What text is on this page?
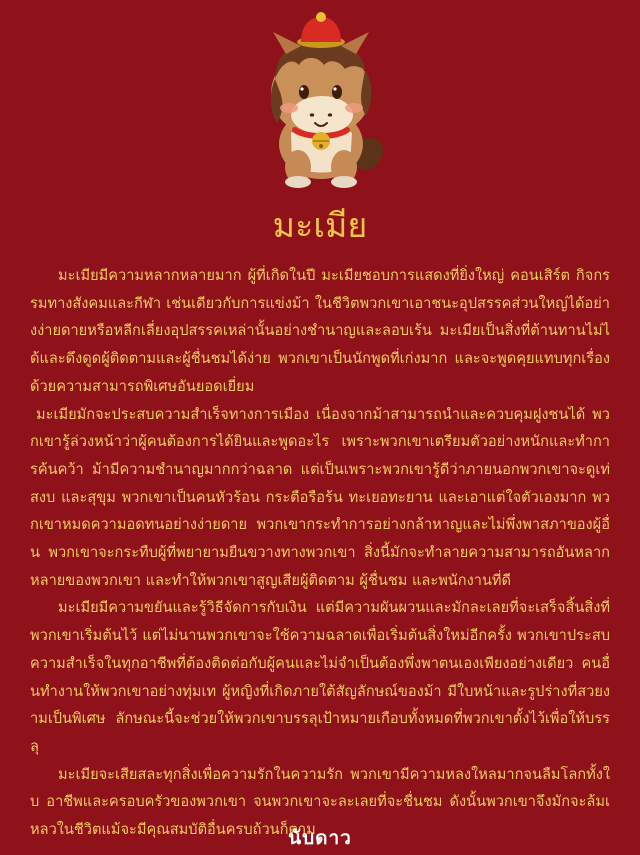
มะเมีย

มะเมียมีความหลากหลายมาก ผู้ที่เกิดในปี มะเมียชอบการแสดงที่ยิ่งใหญ่ คอนเสิร์ต กิจกรรมทางสังคมและกีฬา เช่นเดียวกับการแข่งม้า ในชีวิตพวกเขาเอาชนะอุปสรรคส่วนใหญ่ได้อย่างง่ายดายหรือหลีกเลี่ยงอุปสรรคเหล่านั้นอย่างชำนาญและลอบเร้น มะเมียเป็นสิ่งที่ต้านทานไม่ได้และดึงดูดผู้ติดตามและผู้ชื่นชมได้ง่าย พวกเขาเป็นนักพูดที่เก่งมาก และจะพูดคุยแทบทุกเรื่องด้วยความสามารถพิเศษอันยอดเยี่ยม

มะเมียมักจะประสบความสำเร็จทางการเมือง เนื่องจากม้าสามารถนำและควบคุมฝูงชนได้ พวกเขารู้ล่วงหน้าว่าผู้คนต้องการได้ยินและพูดอะไร เพราะพวกเขาเตรียมตัวอย่างหนักและทำการค้นคว้า ม้ามีความชำนาญมากกว่าฉลาด แต่เป็นเพราะพวกเขารู้ดีว่าภายนอกพวกเขาจะดูเท่ สงบ และสุขุม พวกเขาเป็นคนหัวร้อน กระตือรือร้น ทะเยอทะยาน และเอาแต่ใจตัวเองมาก พวกเขาหมดความอดทนอย่างง่ายดาย พวกเขากระทำการอย่างกล้าหาญและไม่พึ่งพาสภาของผู้อื่น พวกเขาจะกระทืบผู้ที่พยายามยืนขวางทางพวกเขา สิ่งนี้มักจะทำลายความสามารถอันหลากหลายของพวกเขา และทำให้พวกเขาสูญเสียผู้ติดตาม ผู้ชื่นชม และพนักงานที่ดี

มะเมียมีความขยันและรู้วิธีจัดการกับเงิน แต่มีความผันผวนและมักละเลยที่จะเสร็จสิ้นสิ่งที่พวกเขาเริ่มต้นไว้ แต่ไม่นานพวกเขาจะใช้ความฉลาดเพื่อเริ่มต้นสิ่งใหม่อีกครั้ง พวกเขาประสบความสำเร็จในทุกอาชีพที่ต้องติดต่อกับผู้คนและไม่จำเป็นต้องพึ่งพาตนเองเพียงอย่างเดียว คนอื่นทำงานให้พวกเขาอย่างทุ่มเท ผู้หญิงที่เกิดภายใต้สัญลักษณ์ของม้า มีใบหน้าและรูปร่างที่สวยงามเป็นพิเศษ ลักษณะนี้จะช่วยให้พวกเขาบรรลุเป้าหมายเกือบทั้งหมดที่พวกเขาตั้งไว้เพื่อให้บรรลุ

มะเมียจะเสียสละทุกสิ่งเพื่อความรักในความรัก พวกเขามีความหลงใหลมากจนลืมโลกทั้งใบ อาชีพและครอบครัวของพวกเขา จนพวกเขาจะละเลยที่จะชื่นชม ดังนั้นพวกเขาจึงมักจะล้มเหลวในชีวิตแม้จะมีคุณสมบัติอื่นครบถ้วนก็ตาม

นับดาว
